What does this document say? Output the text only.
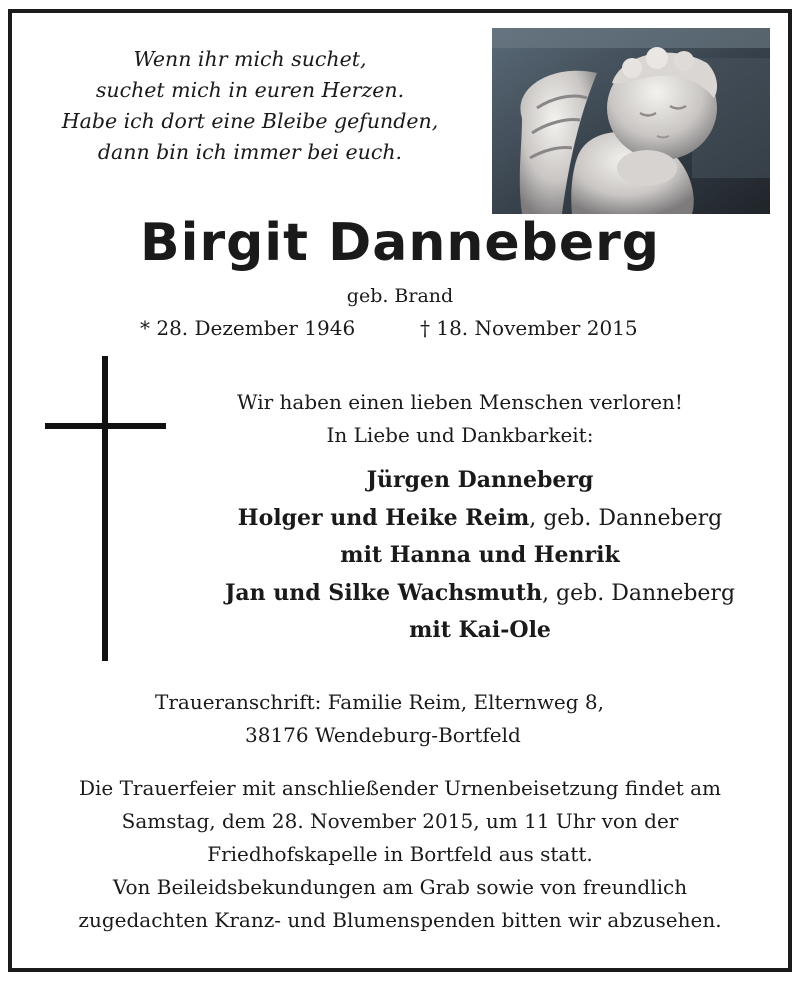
Wenn ihr mich suchet,
suchet mich in euren Herzen.
Habe ich dort eine Bleibe gefunden,
dann bin ich immer bei euch.
Birgit Danneberg
geb. Brand
* 28. Dezember 1946	† 18. November 2015
Wir haben einen lieben Menschen verloren!
In Liebe und Dankbarkeit:
Jürgen Danneberg
Holger und Heike Reim, geb. Danneberg
mit Hanna und Henrik
Jan und Silke Wachsmuth, geb. Danneberg
mit Kai-Ole
Traueranschrift: Familie Reim, Elternweg 8,
38176 Wendeburg-Bortfeld
Die Trauerfeier mit anschließender Urnenbeisetzung findet am
Samstag, dem 28. November 2015, um 11 Uhr von der
Friedhofskapelle in Bortfeld aus statt.
Von Beileidsbekundungen am Grab sowie von freundlich
zugedachten Kranz- und Blumenspenden bitten wir abzusehen.
